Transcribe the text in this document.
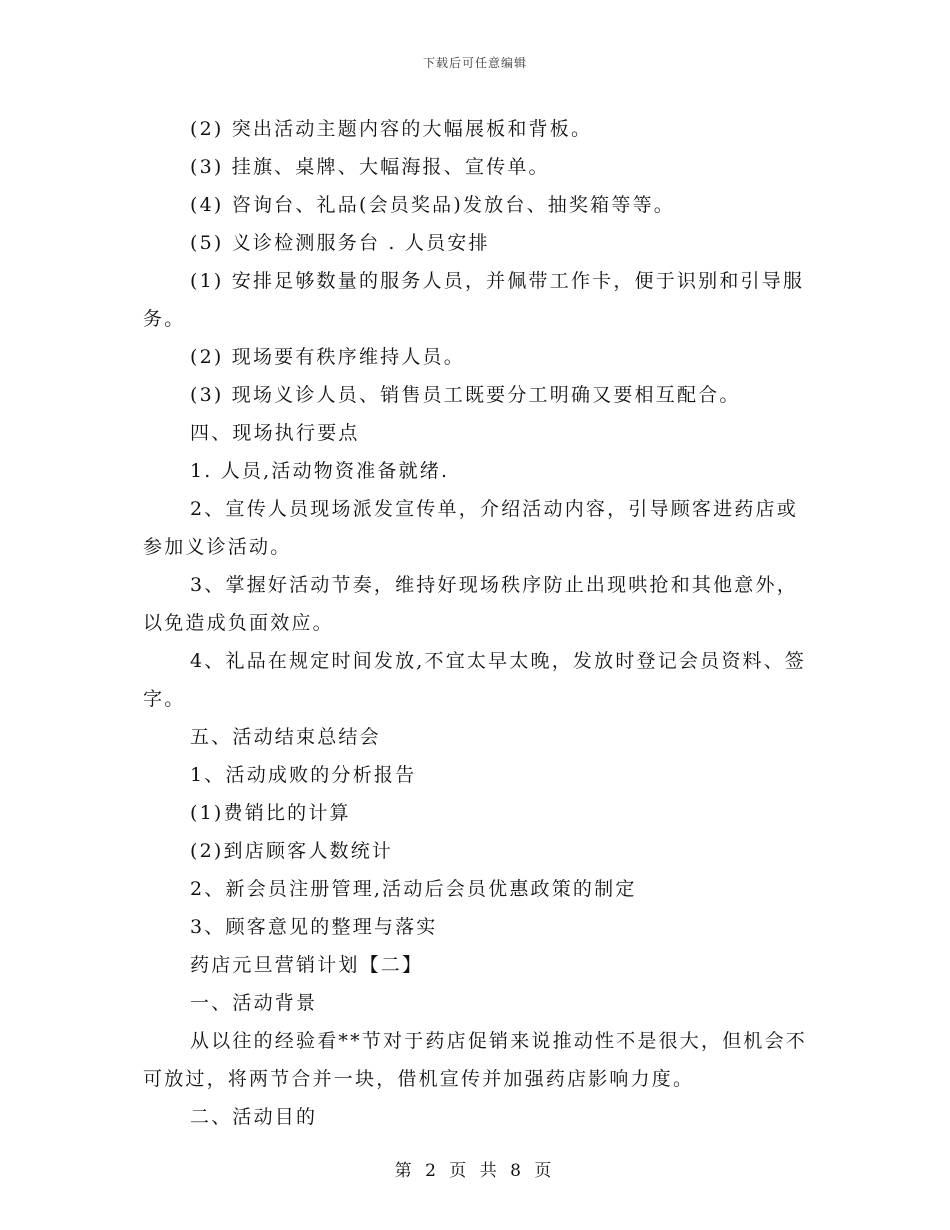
下载后可任意编辑

(2) 突出活动主题内容的大幅展板和背板。

(3) 挂旗、桌牌、大幅海报、宣传单。

(4) 咨询台、礼品(会员奖品)发放台、抽奖箱等等。

(5) 义诊检测服务台 . 人员安排

(1) 安排足够数量的服务人员，并佩带工作卡，便于识别和引导服务。

(2) 现场要有秩序维持人员。

(3) 现场义诊人员、销售员工既要分工明确又要相互配合。

四、现场执行要点

1. 人员,活动物资准备就绪.

2、宣传人员现场派发宣传单，介绍活动内容，引导顾客进药店或参加义诊活动。

3、掌握好活动节奏，维持好现场秩序防止出现哄抢和其他意外，以免造成负面效应。

4、礼品在规定时间发放,不宜太早太晚，发放时登记会员资料、签字。

五、活动结束总结会

1、活动成败的分析报告

(1)费销比的计算

(2)到店顾客人数统计

2、新会员注册管理,活动后会员优惠政策的制定

3、顾客意见的整理与落实

药店元旦营销计划【二】

一、活动背景

从以往的经验看**节对于药店促销来说推动性不是很大，但机会不可放过，将两节合并一块，借机宣传并加强药店影响力度。

二、活动目的

第 2 页 共 8 页
